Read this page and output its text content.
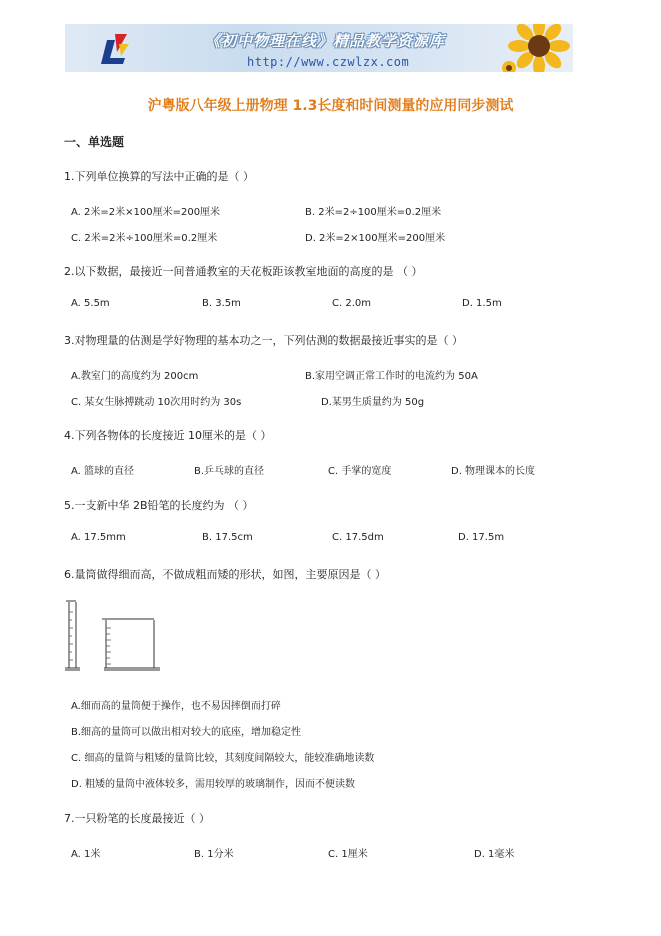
《初中物理在线》精品教学资源库
http://www.czwlzx.com
沪粤版八年级上册物理 1.3长度和时间测量的应用同步测试
一、单选题
1.下列单位换算的写法中正确的是（ ）
A. 2米=2米×100厘米=200厘米	B. 2米=2÷100厘米=0.2厘米
C. 2米=2米÷100厘米=0.2厘米	D. 2米=2×100厘米=200厘米
2.以下数据，最接近一间普通教室的天花板距该教室地面的高度的是 （ ）
A. 5.5m	B. 3.5m	C. 2.0m	D. 1.5m
3.对物理量的估测是学好物理的基本功之一，下列估测的数据最接近事实的是（ ）
A.教室门的高度约为 200cm	B.家用空调正常工作时的电流约为 50A
C. 某女生脉搏跳动 10次用时约为 30s	D.某男生质量约为 50g
4.下列各物体的长度接近 10厘米的是（ ）
A. 篮球的直径	B.乒乓球的直径	C. 手掌的宽度	D. 物理课本的长度
5.一支新中华 2B铅笔的长度约为 （ ）
A. 17.5mm	B. 17.5cm	C. 17.5dm	D. 17.5m
6.量筒做得细而高，不做成粗而矮的形状，如图，主要原因是（ ）
A.细而高的量筒便于操作，也不易因摔倒而打碎
B.细高的量筒可以做出相对较大的底座，增加稳定性
C. 细高的量筒与粗矮的量筒比较，其刻度间隔较大，能较准确地读数
D. 粗矮的量筒中液体较多，需用较厚的玻璃制作，因而不便读数
7.一只粉笔的长度最接近（ ）
A. 1米	B. 1分米	C. 1厘米	D. 1毫米
